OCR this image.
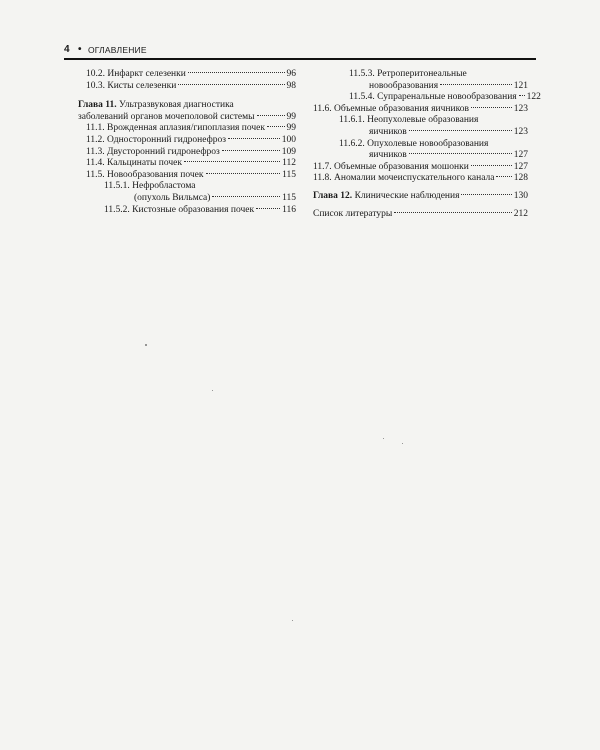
4 • ОГЛАВЛЕНИЕ
10.2. Инфаркт селезенки	96
10.3. Кисты селезенки	98
Глава 11. Ультразвуковая диагностика
заболеваний органов мочеполовой системы	99
11.1. Врожденная аплазия/гипоплазия почек 99
11.2. Односторонний гидронефроз	100
11.3. Двусторонний гидронефроз	109
11.4. Кальцинаты почек	112
11.5. Новообразования почек	115
11.5.1. Нефробластома
(опухоль Вильмса)	115
11.5.2. Кистозные образования почек	116
11.5.3. Ретроперитонеальные
новообразования	121
11.5.4. Супраренальные новообразования 122
11.6. Объемные образования яичников	123
11.6.1. Неопухолевые образования
яичников	123
11.6.2. Опухолевые новообразования
яичников	127
11.7. Объемные образования мошонки	127
11.8. Аномалии мочеиспускательного канала 128
Глава 12. Клинические наблюдения	130
Список литературы	212
